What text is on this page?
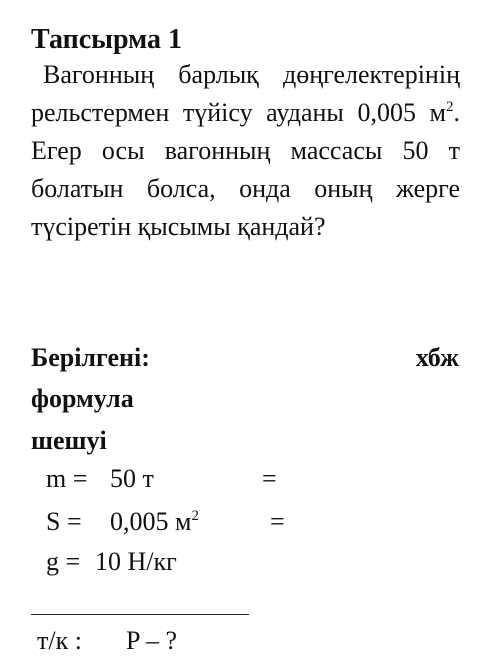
Тапсырма 1
Вагонның барлық дөңгелектерінің рельстермен түйісу ауданы 0,005 $м^2$. Егер осы вагонның массасы 50 т болатын болса, онда оның жерге түсіретін қысымы қандай?
Берілгені:	хбж
формула
шешуі
m = 50 т	=
S = 0,005 $м^2$	=
g = 10 Н/кг
т/к : P – ?
